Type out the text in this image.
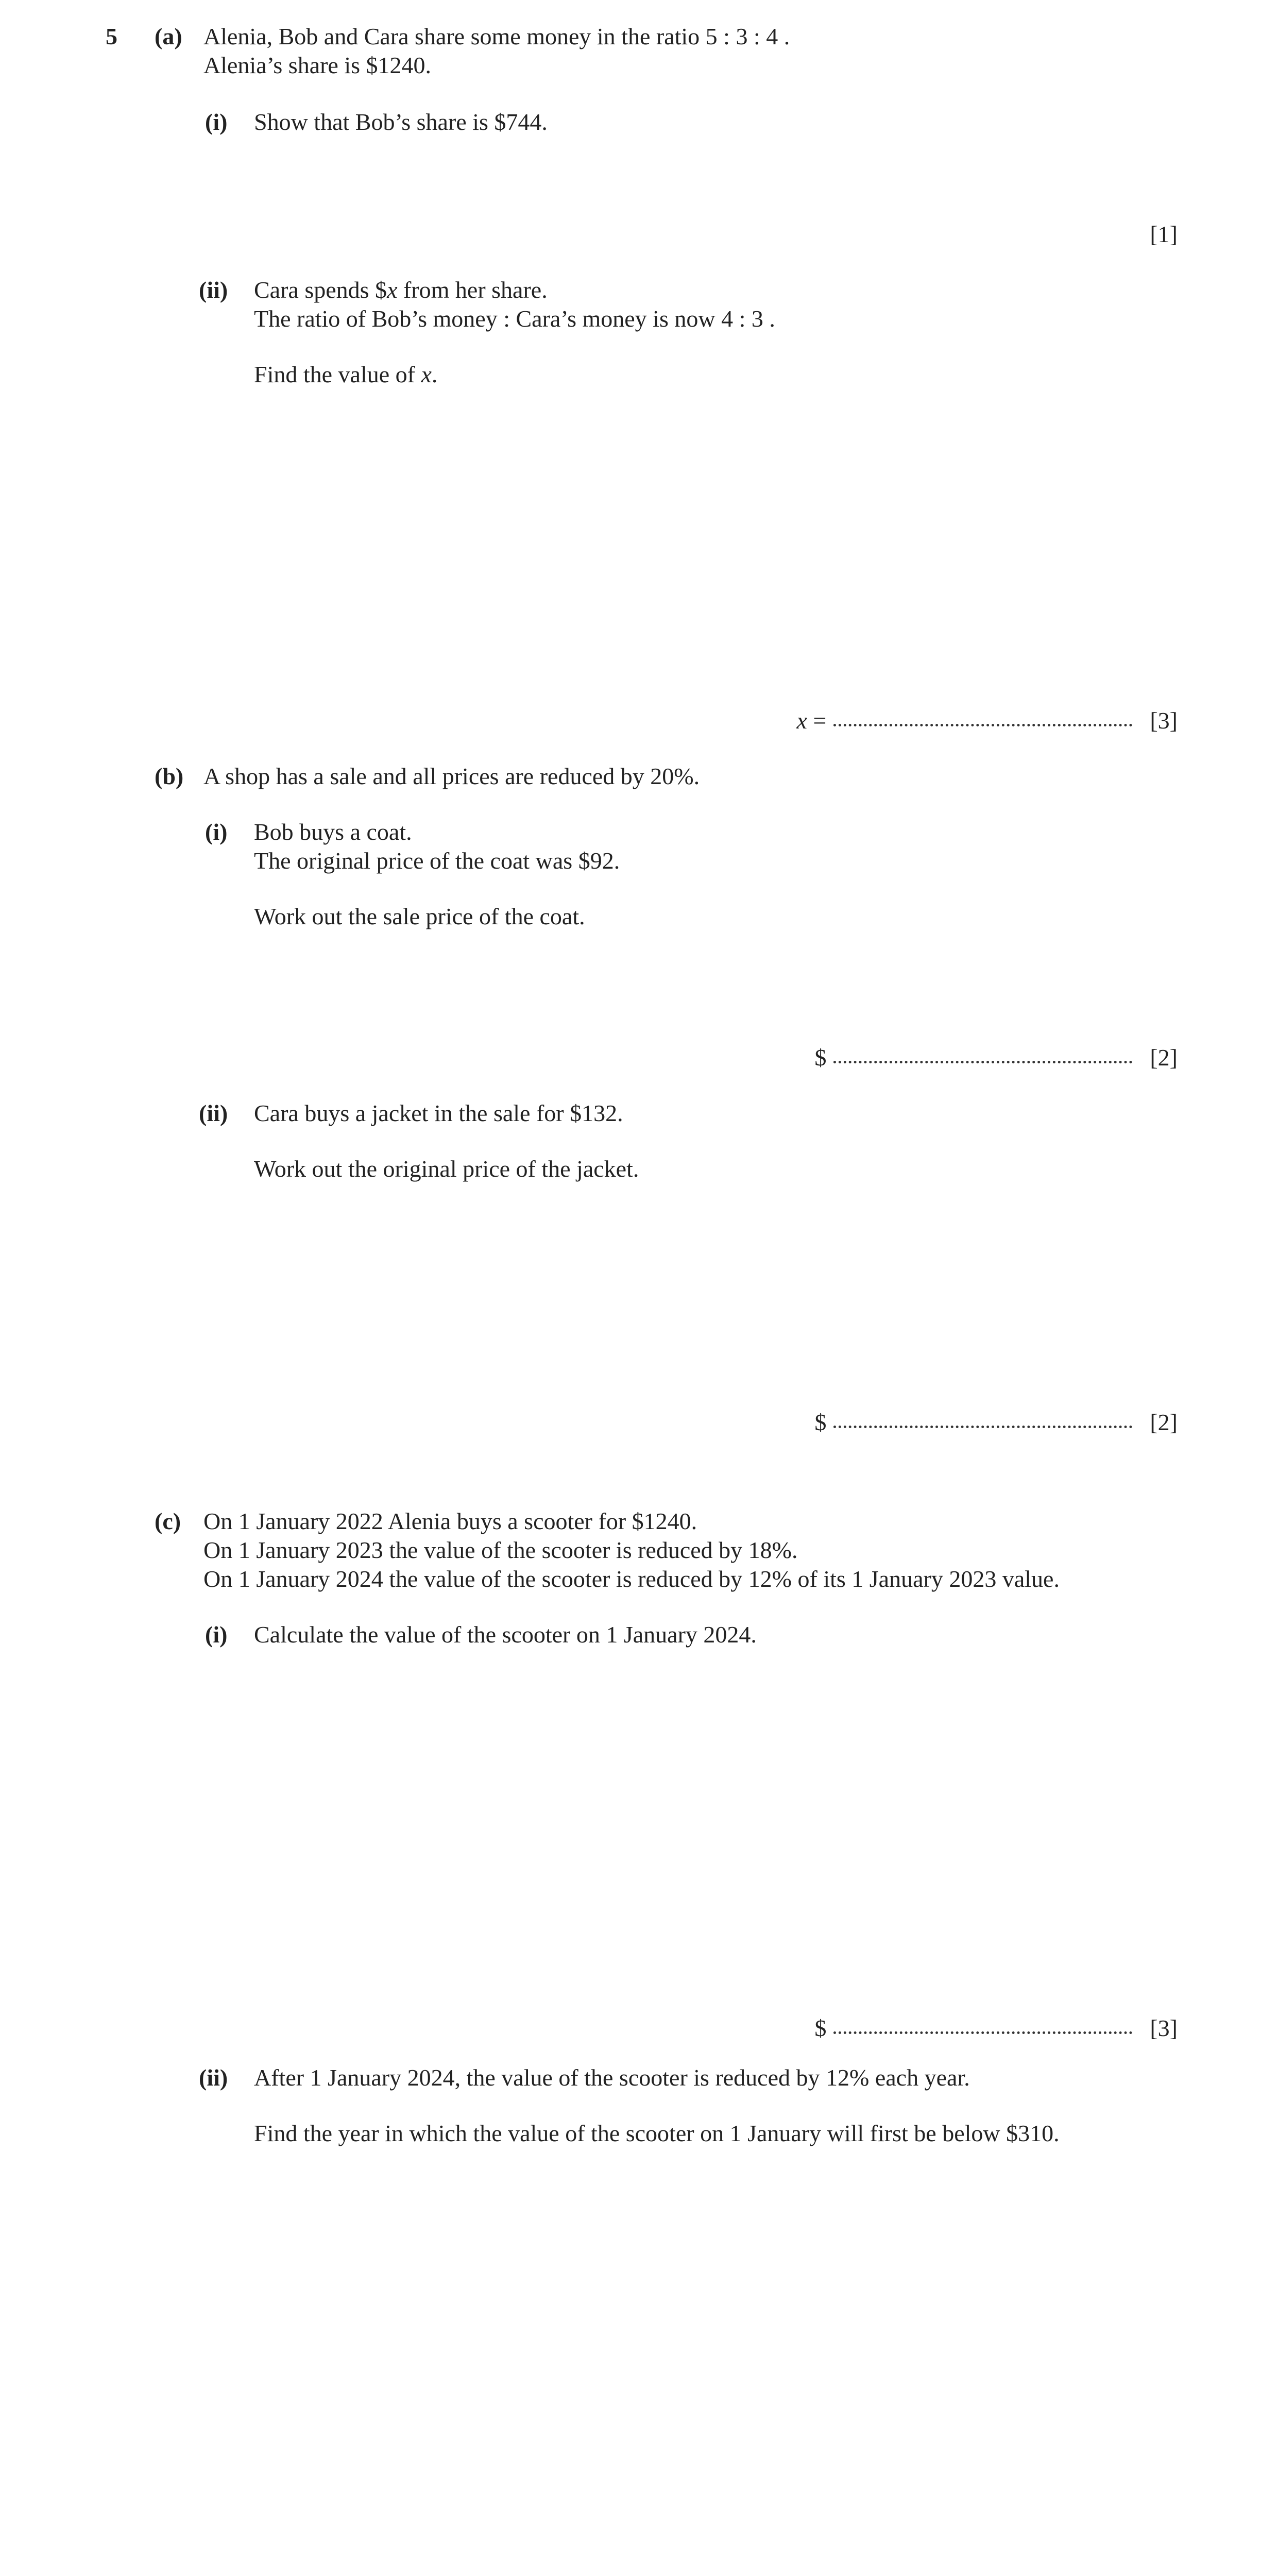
5 (a) Alenia, Bob and Cara share some money in the ratio 5 : 3 : 4 .
Alenia’s share is $1240.
(i) Show that Bob’s share is $744.
[1]
(ii) Cara spends $x from her share.
The ratio of Bob’s money : Cara’s money is now 4 : 3 .
Find the value of x.
x =	[3]
(b) A shop has a sale and all prices are reduced by 20%.
(i) Bob buys a coat.
The original price of the coat was $92.
Work out the sale price of the coat.
$	[2]
(ii) Cara buys a jacket in the sale for $132.
Work out the original price of the jacket.
$	[2]
(c) On 1 January 2022 Alenia buys a scooter for $1240.
On 1 January 2023 the value of the scooter is reduced by 18%.
On 1 January 2024 the value of the scooter is reduced by 12% of its 1 January 2023 value.
(i) Calculate the value of the scooter on 1 January 2024.
$	[3]
(ii) After 1 January 2024, the value of the scooter is reduced by 12% each year.
Find the year in which the value of the scooter on 1 January will first be below $310.
